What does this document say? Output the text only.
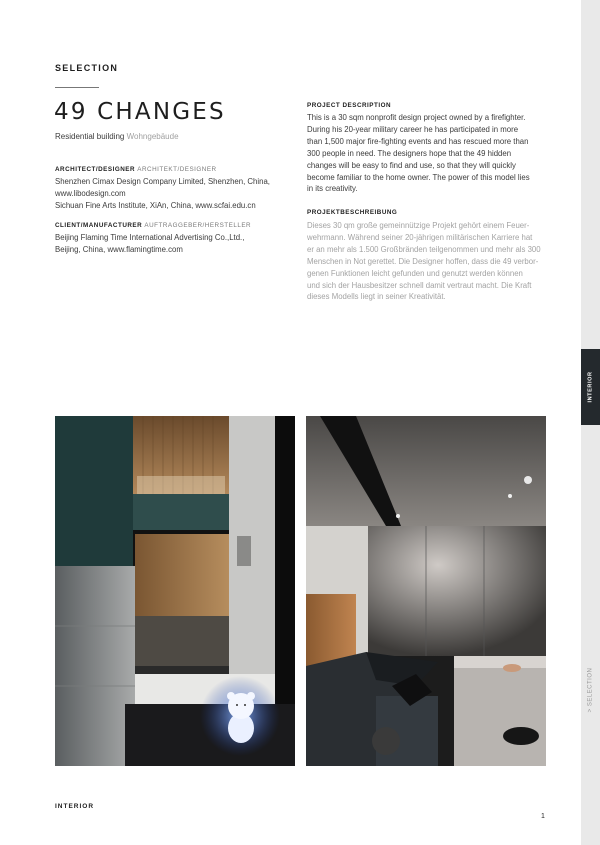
INTERIOR
> SELECTION
SELECTION
49 CHANGES
Residential building Wohngebäude
ARCHITECT/DESIGNER ARCHITEKT/DESIGNER
Shenzhen Cimax Design Company Limited, Shenzhen, China,
www.libodesign.com
Sichuan Fine Arts Institute, XiAn, China, www.scfai.edu.cn
CLIENT/MANUFACTURER AUFTRAGGEBER/HERSTELLER
Beijing Flaming Time International Advertising Co.,Ltd.,
Beijing, China, www.flamingtime.com
PROJECT DESCRIPTION
This is a 30 sqm nonprofit design project owned by a firefighter.
During his 20-year military career he has participated in more
than 1,500 major fire-fighting events and has rescued more than
300 people in need. The designers hope that the 49 hidden
changes will be easy to find and use, so that they will quickly
become familiar to the home owner. The power of this model lies
in its creativity.
Dieses 30 qm große gemeinnützige Projekt gehört einem Feuer-
wehrmann. Während seiner 20-jährigen militärischen Karriere hat
er an mehr als 1.500 Großbränden teilgenommen und mehr als 300
Menschen in Not gerettet. Die Designer hoffen, dass die 49 verbor-
genen Funktionen leicht gefunden und genutzt werden können
und sich der Hausbesitzer schnell damit vertraut macht. Die Kraft
dieses Modells liegt in seiner Kreativität.
PROJEKTBESCHREIBUNG
INTERIOR
1
